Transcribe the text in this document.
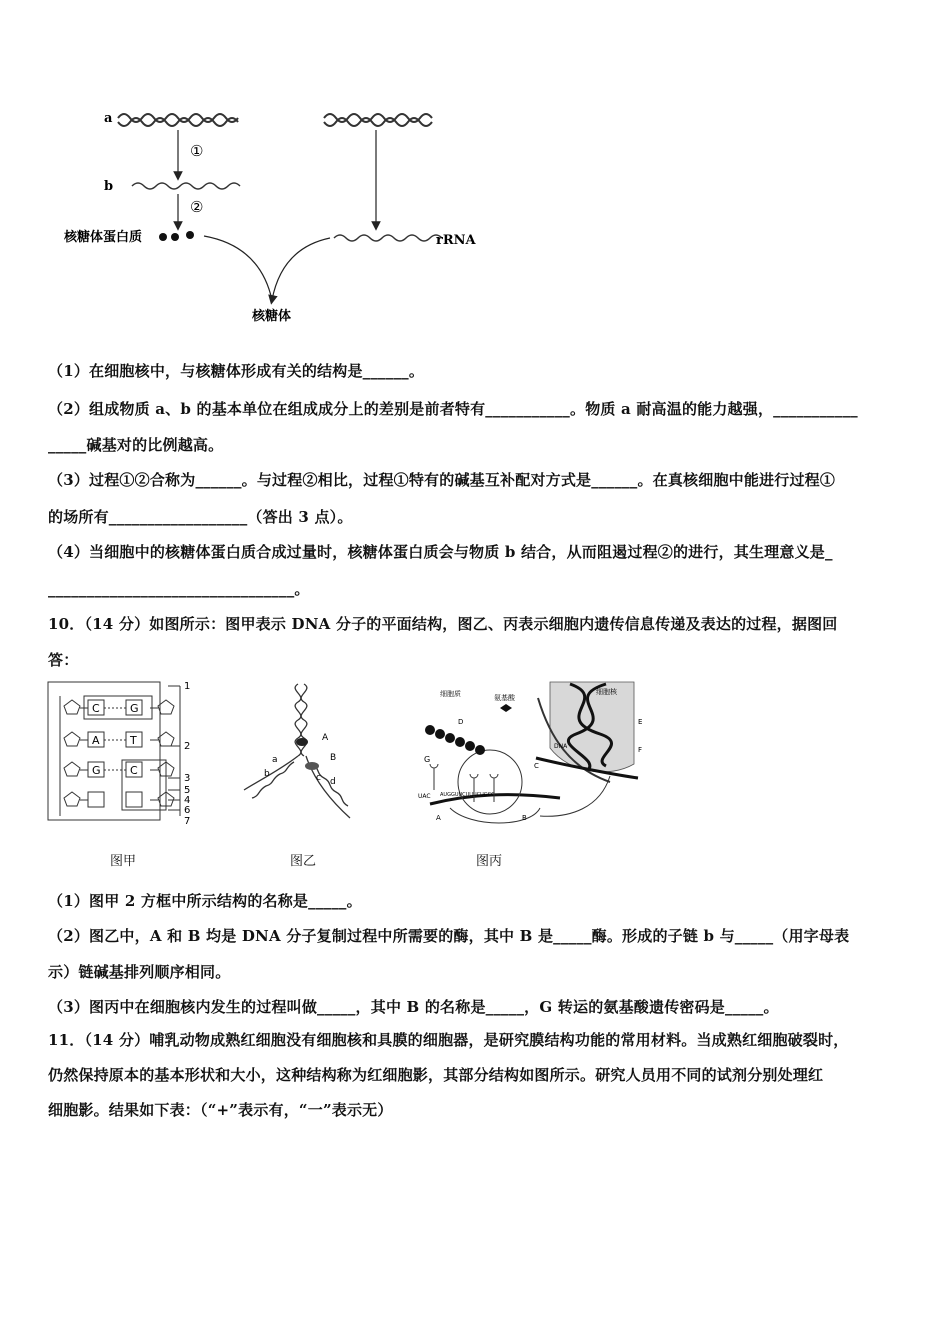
a
①
b
②
核糖体蛋白质	rRNA
核糖体
（1）在细胞核中，与核糖体形成有关的结构是______。
（2）组成物质 a、b 的基本单位在组成成分上的差别是前者特有___________。物质 a 耐高温的能力越强，___________
_____碱基对的比例越高。
（3）过程①②合称为______。与过程②相比，过程①特有的碱基互补配对方式是______。在真核细胞中能进行过程①
的场所有__________________（答出 3 点）。
（4）当细胞中的核糖体蛋白质合成过量时，核糖体蛋白质会与物质 b 结合，从而阻遏过程②的进行，其生理意义是_
________________________________。
10．（14 分）如图所示：图甲表示 DNA 分子的平面结构，图乙、丙表示细胞内遗传信息传递及表达的过程，据图回
答：
C	G
A	T
G	C
1
2
3
5
4
6
7
图甲
A
B
a
b	c d
图乙
细胞质	氨基酸
细胞核
D
G
C
E
F
DNA
UAC AUGGUUCUUUCUGCC
A	B
图丙
（1）图甲 2 方框中所示结构的名称是_____。
（2）图乙中，A 和 B 均是 DNA 分子复制过程中所需要的酶，其中 B 是_____酶。形成的子链 b 与_____（用字母表
示）链碱基排列顺序相同。
（3）图丙中在细胞核内发生的过程叫做_____，其中 B 的名称是_____，G 转运的氨基酸遗传密码是_____。
11．（14 分）哺乳动物成熟红细胞没有细胞核和具膜的细胞器，是研究膜结构功能的常用材料。当成熟红细胞破裂时，
仍然保持原本的基本形状和大小，这种结构称为红细胞影，其部分结构如图所示。研究人员用不同的试剂分别处理红
细胞影。结果如下表：（“+”表示有，“一”表示无）
